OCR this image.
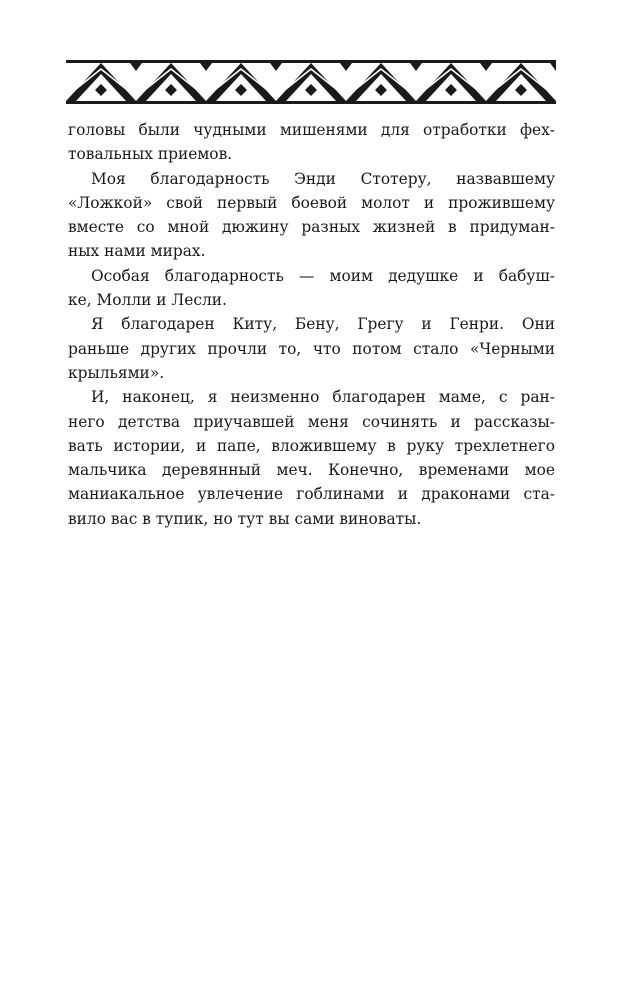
головы были чудными мишенями для отработки фех-
товальных приемов.
Моя благодарность Энди Стотеру, назвавшему
«Ложкой» свой первый боевой молот и прожившему
вместе со мной дюжину разных жизней в придуман-
ных нами мирах.
Особая благодарность — моим дедушке и бабуш-
ке, Молли и Лесли.
Я благодарен Киту, Бену, Грегу и Генри. Они
раньше других прочли то, что потом стало «Черными
крыльями».
И, наконец, я неизменно благодарен маме, с ран-
него детства приучавшей меня сочинять и рассказы-
вать истории, и папе, вложившему в руку трехлетнего
мальчика деревянный меч. Конечно, временами мое
маниакальное увлечение гоблинами и драконами ста-
вило вас в тупик, но тут вы сами виноваты.
